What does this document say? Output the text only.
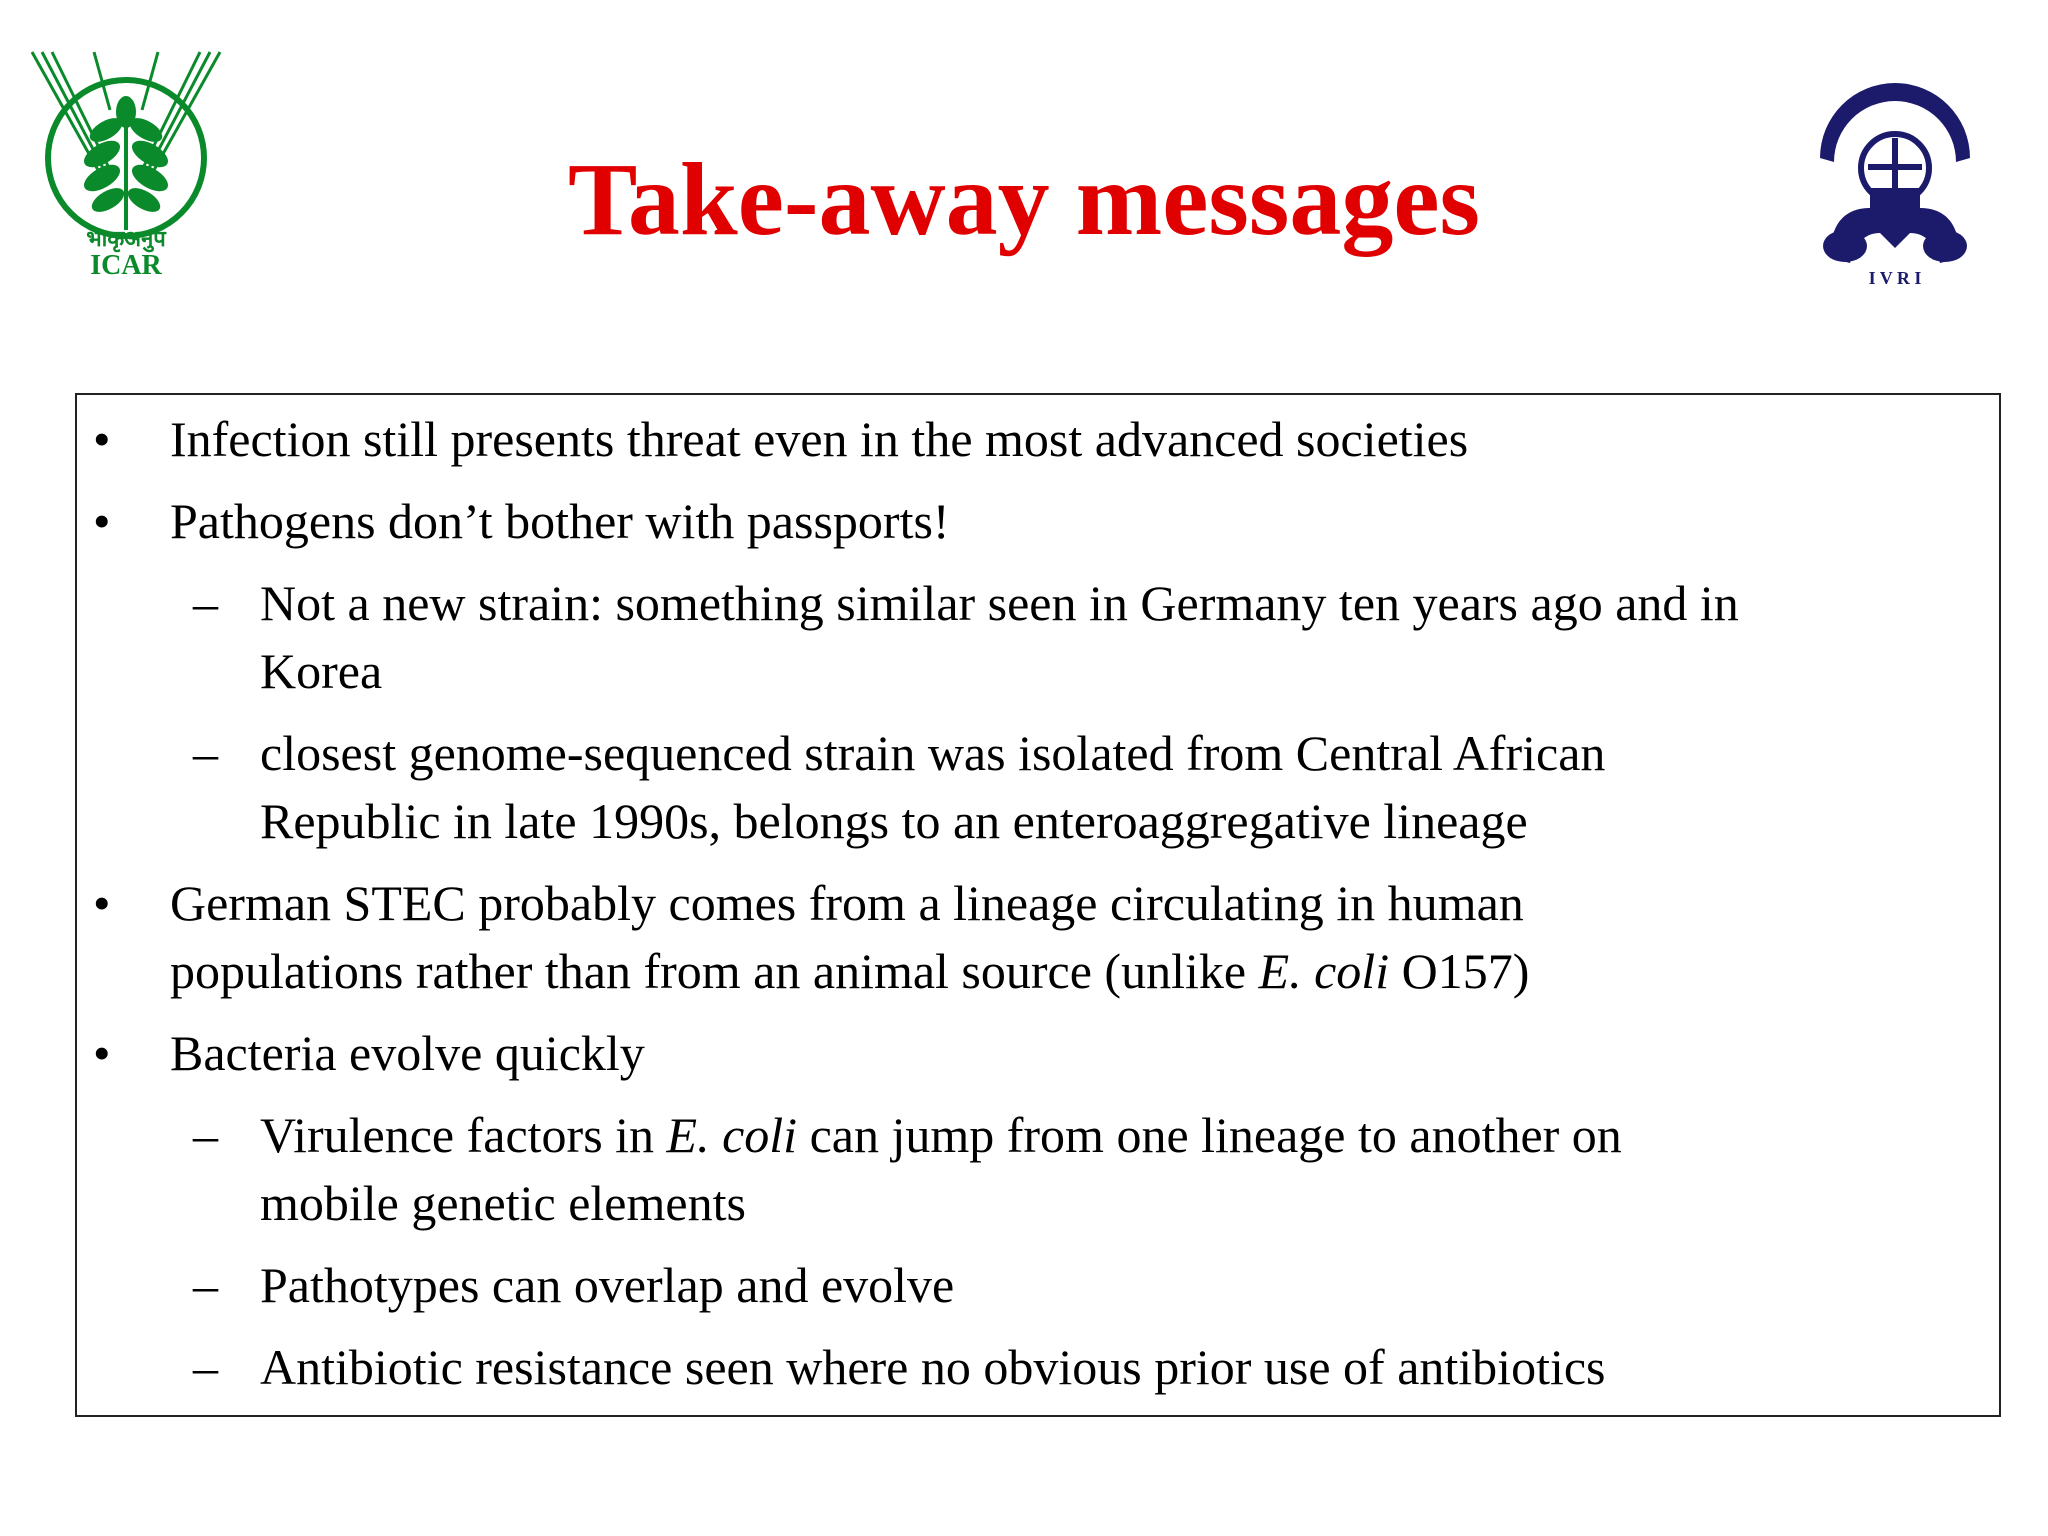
भाकृअनुप
ICAR
Take-away messages
I V R I
• Infection still presents threat even in the most advanced societies
• Pathogens don’t bother with passports!
– Not a new strain: something similar seen in Germany ten years ago and in
Korea
– closest genome-sequenced strain was isolated from Central African
Republic in late 1990s, belongs to an enteroaggregative lineage
• German STEC probably comes from a lineage circulating in human
populations rather than from an animal source (unlike E. coli O157)
• Bacteria evolve quickly
– Virulence factors in E. coli can jump from one lineage to another on
mobile genetic elements
– Pathotypes can overlap and evolve
– Antibiotic resistance seen where no obvious prior use of antibiotics
